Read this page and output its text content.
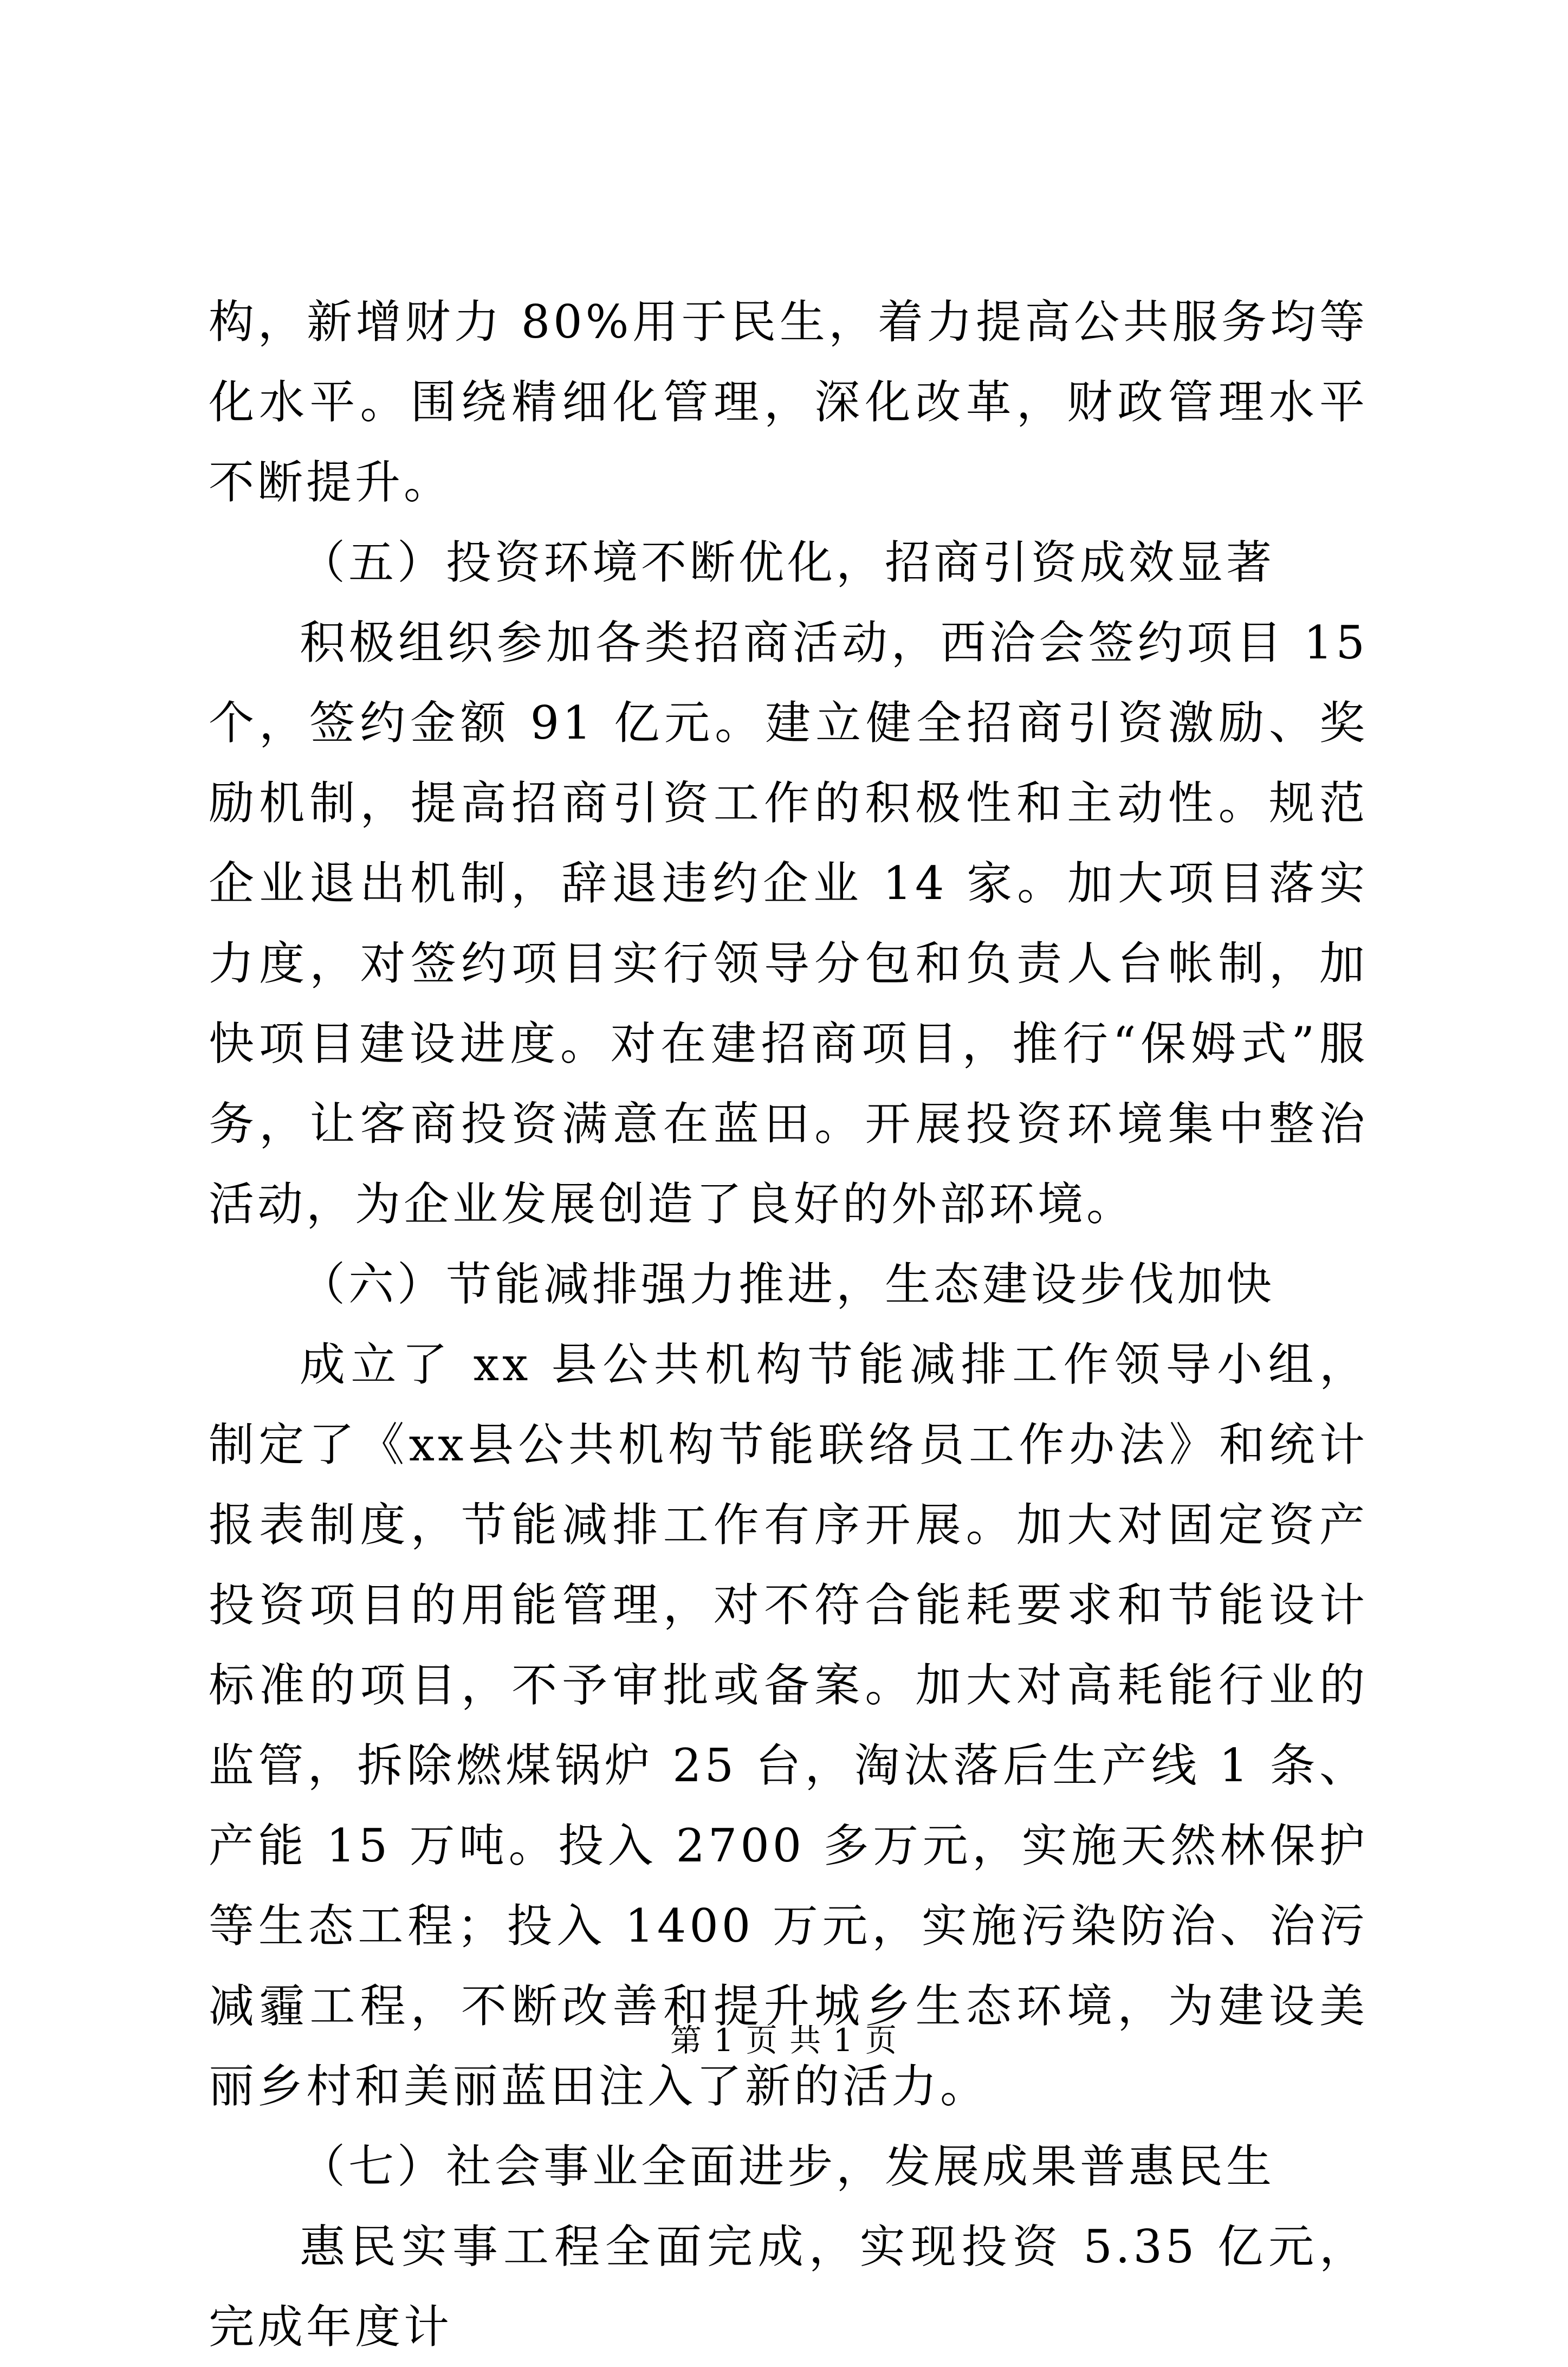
构，新增财力 80%用于民生，着力提高公共服务均等化水平。围绕精细化管理，深化改革，财政管理水平不断提升。

（五）投资环境不断优化，招商引资成效显著

积极组织参加各类招商活动，西洽会签约项目 15 个，签约金额 91 亿元。建立健全招商引资激励、奖励机制，提高招商引资工作的积极性和主动性。规范企业退出机制，辞退违约企业 14 家。加大项目落实力度，对签约项目实行领导分包和负责人台帐制，加快项目建设进度。对在建招商项目，推行“保姆式”服务，让客商投资满意在蓝田。开展投资环境集中整治活动，为企业发展创造了良好的外部环境。

（六）节能减排强力推进，生态建设步伐加快

成立了 xx 县公共机构节能减排工作领导小组，制定了《xx县公共机构节能联络员工作办法》和统计报表制度，节能减排工作有序开展。加大对固定资产投资项目的用能管理，对不符合能耗要求和节能设计标准的项目，不予审批或备案。加大对高耗能行业的监管，拆除燃煤锅炉 25 台，淘汰落后生产线 1 条、产能 15 万吨。投入 2700 多万元，实施天然林保护等生态工程；投入 1400 万元，实施污染防治、治污减霾工程，不断改善和提升城乡生态环境，为建设美丽乡村和美丽蓝田注入了新的活力。

（七）社会事业全面进步，发展成果普惠民生

惠民实事工程全面完成，实现投资 5.35 亿元，完成年度计

第 1 页 共 1 页
